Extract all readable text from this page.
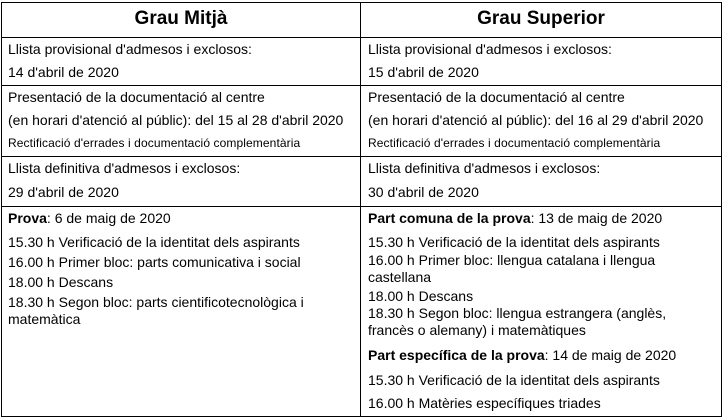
Grau Mitjà	Grau Superior
Llista provisional d'admesos i exclosos:
14 d'abril de 2020
Llista provisional d'admesos i exclosos:
15 d'abril de 2020
Presentació de la documentació al centre
(en horari d'atenció al públic): del 15 al 28 d'abril 2020
Rectificació d'errades i documentació complementària
Presentació de la documentació al centre
(en horari d'atenció al públic): del 16 al 29 d'abril 2020
Rectificació d'errades i documentació complementària
Llista definitiva d'admesos i exclosos:
29 d'abril de 2020
Llista definitiva d'admesos i exclosos:
30 d'abril de 2020
Prova: 6 de maig de 2020
15.30 h Verificació de la identitat dels aspirants
16.00 h Primer bloc: parts comunicativa i social
18.00 h Descans
18.30 h Segon bloc: parts cientificotecnològica i matemàtica
Part comuna de la prova: 13 de maig de 2020
15.30 h Verificació de la identitat dels aspirants
16.00 h Primer bloc: llengua catalana i llengua castellana
18.00 h Descans
18.30 h Segon bloc: llengua estrangera (anglès, francès o alemany) i matemàtiques
Part específica de la prova: 14 de maig de 2020
15.30 h Verificació de la identitat dels aspirants
16.00 h Matèries específiques triades
